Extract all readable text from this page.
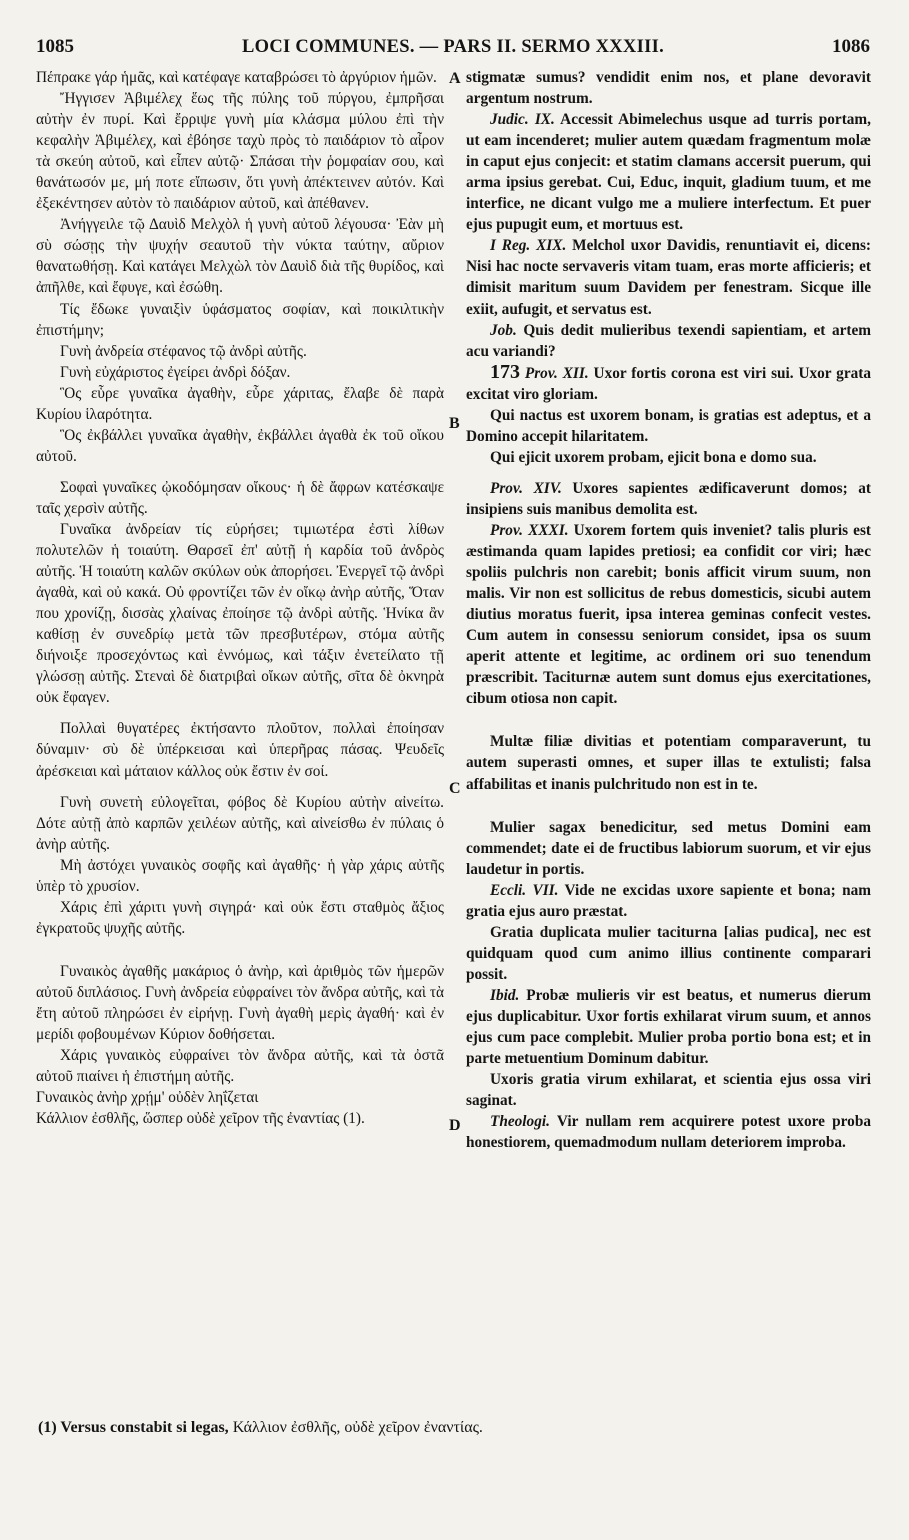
1085	LOCI COMMUNES. — PARS II. SERMO XXXIII.	1086

Πέπρακε γάρ ἡμᾶς, καὶ κατέφαγε καταβρώσει τὸ ἀργύριον ἡμῶν.

Ἤγγισεν Ἀβιμέλεχ ἕως τῆς πύλης τοῦ πύργου, ἐμπρῆσαι αὐτὴν ἐν πυρί. Καὶ ἔρριψε γυνὴ μία κλάσμα μύλου ἐπὶ τὴν κεφαλὴν Ἀβιμέλεχ, καὶ ἐβόησε ταχὺ πρὸς τὸ παιδάριον τὸ αἶρον τὰ σκεύη αὐτοῦ, καὶ εἶπεν αὐτῷ· Σπάσαι τὴν ῥομφαίαν σου, καὶ θανάτωσόν με, μή ποτε εἴπωσιν, ὅτι γυνὴ ἀπέκτεινεν αὐτόν. Καὶ ἐξεκέντησεν αὐτὸν τὸ παιδάριον αὐτοῦ, καὶ ἀπέθανεν.

Ἀνήγγειλε τῷ Δαυὶδ Μελχὸλ ἡ γυνὴ αὐτοῦ λέγουσα· Ἐὰν μὴ σὺ σώσῃς τὴν ψυχήν σεαυτοῦ τὴν νύκτα ταύτην, αὔριον θανατωθήσῃ. Καὶ κατάγει Μελχὼλ τὸν Δαυὶδ διὰ τῆς θυρίδος, καὶ ἀπῆλθε, καὶ ἔφυγε, καὶ ἐσώθη.

Τίς ἔδωκε γυναιξὶν ὑφάσματος σοφίαν, καὶ ποικιλτικὴν ἐπιστήμην;

Γυνὴ ἀνδρεία στέφανος τῷ ἀνδρὶ αὐτῆς.

Γυνὴ εὐχάριστος ἐγείρει ἀνδρὶ δόξαν.

Ὃς εὗρε γυναῖκα ἀγαθὴν, εὗρε χάριτας, ἔλαβε δὲ παρὰ Κυρίου ἱλαρότητα.

Ὃς ἐκβάλλει γυναῖκα ἀγαθὴν, ἐκβάλλει ἀγαθὰ ἐκ τοῦ οἴκου αὐτοῦ.

Σοφαὶ γυναῖκες ᾠκοδόμησαν οἴκους· ἡ δὲ ἄφρων κατέσκαψε ταῖς χερσὶν αὐτῆς.

Γυναῖκα ἀνδρείαν τίς εὑρήσει; τιμιωτέρα ἐστὶ λίθων πολυτελῶν ἡ τοιαύτη. Θαρσεῖ ἐπ' αὐτῇ ἡ καρδία τοῦ ἀνδρὸς αὐτῆς. Ἡ τοιαύτη καλῶν σκύλων οὐκ ἀπορήσει. Ἐνεργεῖ τῷ ἀνδρὶ ἀγαθὰ, καὶ οὐ κακά. Οὐ φροντίζει τῶν ἐν οἴκῳ ἀνὴρ αὐτῆς, Ὅταν που χρονίζῃ, δισσὰς χλαίνας ἐποίησε τῷ ἀνδρὶ αὐτῆς. Ἡνίκα ἂν καθίσῃ ἐν συνεδρίῳ μετὰ τῶν πρεσβυτέρων, στόμα αὐτῆς διήνοιξε προσεχόντως καὶ ἐννόμως, καὶ τάξιν ἐνετείλατο τῇ γλώσσῃ αὐτῆς. Στεναὶ δὲ διατριβαὶ οἴκων αὐτῆς, σῖτα δὲ ὀκνηρὰ οὐκ ἔφαγεν.

Πολλαὶ θυγατέρες ἐκτήσαντο πλοῦτον, πολλαὶ ἐποίησαν δύναμιν· σὺ δὲ ὑπέρκεισαι καὶ ὑπερῆρας πάσας. Ψευδεῖς ἀρέσκειαι καὶ μάταιον κάλλος οὐκ ἔστιν ἐν σοί.

Γυνὴ συνετὴ εὐλογεῖται, φόβος δὲ Κυρίου αὐτὴν αἰνείτω. Δότε αὐτῇ ἀπὸ καρπῶν χειλέων αὐτῆς, καὶ αἰνείσθω ἐν πύλαις ὁ ἀνὴρ αὐτῆς.

Μὴ ἀστόχει γυναικὸς σοφῆς καὶ ἀγαθῆς· ἡ γὰρ χάρις αὐτῆς ὑπὲρ τὸ χρυσίον.

Χάρις ἐπὶ χάριτι γυνὴ σιγηρά· καὶ οὐκ ἔστι σταθμὸς ἄξιος ἐγκρατοῦς ψυχῆς αὐτῆς.

Γυναικὸς ἀγαθῆς μακάριος ὁ ἀνὴρ, καὶ ἀριθμὸς τῶν ἡμερῶν αὐτοῦ διπλάσιος. Γυνὴ ἀνδρεία εὐφραίνει τὸν ἄνδρα αὐτῆς, καὶ τὰ ἔτη αὐτοῦ πληρώσει ἐν εἰρήνῃ. Γυνὴ ἀγαθὴ μερὶς ἀγαθή· καὶ ἐν μερίδι φοβουμένων Κύριον δοθήσεται.

Χάρις γυναικὸς εὐφραίνει τὸν ἄνδρα αὐτῆς, καὶ τὰ ὀστᾶ αὐτοῦ πιαίνει ἡ ἐπιστήμη αὐτῆς.

Γυναικὸς ἀνὴρ χρῄμ' οὐδὲν ληΐζεται

Κάλλιον ἐσθλῆς, ὥσπερ οὐδὲ χεῖρον τῆς ἐναντίας (1).

A
B
C
D

stigmatæ sumus? vendidit enim nos, et plane devoravit argentum nostrum.

Judic. IX. Accessit Abimelechus usque ad turris portam, ut eam incenderet; mulier autem quædam fragmentum molæ in caput ejus conjecit: et statim clamans accersit puerum, qui arma ipsius gerebat. Cui, Educ, inquit, gladium tuum, et me interfice, ne dicant vulgo me a muliere interfectum. Et puer ejus pupugit eum, et mortuus est.

I Reg. XIX. Melchol uxor Davidis, renuntiavit ei, dicens: Nisi hac nocte servaveris vitam tuam, eras morte afficieris; et dimisit maritum suum Davidem per fenestram. Sicque ille exiit, aufugit, et servatus est.

Job. Quis dedit mulieribus texendi sapientiam, et artem acu variandi?

173 Prov. XII. Uxor fortis corona est viri sui. Uxor grata excitat viro gloriam.

Qui nactus est uxorem bonam, is gratias est adeptus, et a Domino accepit hilaritatem.

Qui ejicit uxorem probam, ejicit bona e domo sua.

Prov. XIV. Uxores sapientes ædificaverunt domos; at insipiens suis manibus demolita est.

Prov. XXXI. Uxorem fortem quis inveniet? talis pluris est æstimanda quam lapides pretiosi; ea confidit cor viri; hæc spoliis pulchris non carebit; bonis afficit virum suum, non malis. Vir non est sollicitus de rebus domesticis, sicubi autem diutius moratus fuerit, ipsa interea geminas confecit vestes. Cum autem in consessu seniorum considet, ipsa os suum aperit attente et legitime, ac ordinem ori suo tenendum præscribit. Taciturnæ autem sunt domus ejus exercitationes, cibum otiosa non capit.

Multæ filiæ divitias et potentiam comparaverunt, tu autem superasti omnes, et super illas te extulisti; falsa affabilitas et inanis pulchritudo non est in te.

Mulier sagax benedicitur, sed metus Domini eam commendet; date ei de fructibus labiorum suorum, et vir ejus laudetur in portis.

Eccli. VII. Vide ne excidas uxore sapiente et bona; nam gratia ejus auro præstat.

Gratia duplicata mulier taciturna [alias pudica], nec est quidquam quod cum animo illius continente comparari possit.

Ibid. Probæ mulieris vir est beatus, et numerus dierum ejus duplicabitur. Uxor fortis exhilarat virum suum, et annos ejus cum pace complebit. Mulier proba portio bona est; et in parte metuentium Dominum dabitur.

Uxoris gratia virum exhilarat, et scientia ejus ossa viri saginat.

Theologi. Vir nullam rem acquirere potest uxore proba honestiorem, quemadmodum nullam deteriorem improba.

(1) Versus constabit si legas, Κάλλιον ἐσθλῆς, οὐδὲ χεῖρον ἐναντίας.
